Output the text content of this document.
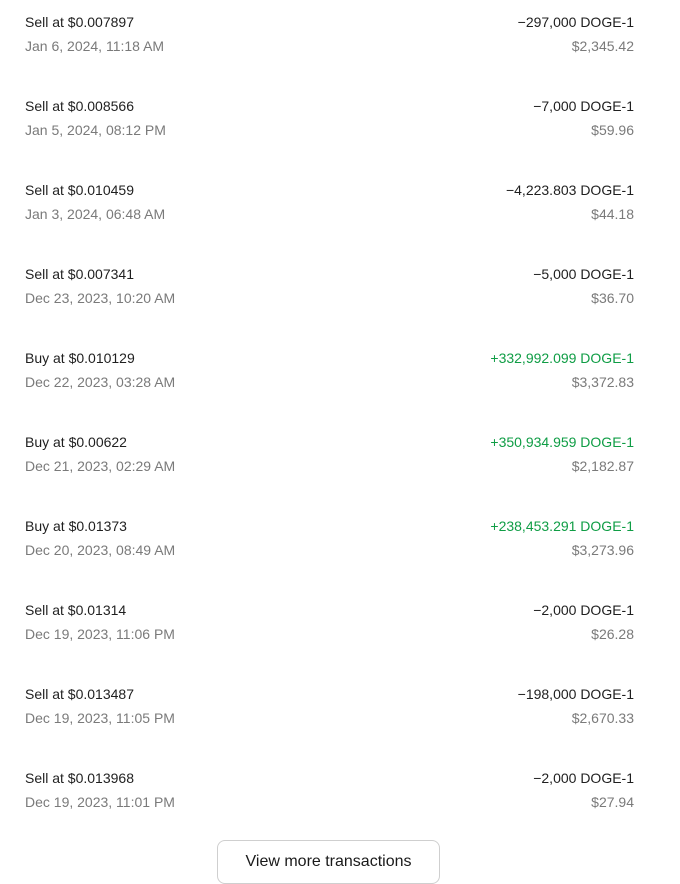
Sell at $0.007897
Jan 6, 2024, 11:18 AM
−297,000 DOGE-1
$2,345.42
Sell at $0.008566
Jan 5, 2024, 08:12 PM
−7,000 DOGE-1
$59.96
Sell at $0.010459
Jan 3, 2024, 06:48 AM
−4,223.803 DOGE-1
$44.18
Sell at $0.007341
Dec 23, 2023, 10:20 AM
−5,000 DOGE-1
$36.70
Buy at $0.010129
Dec 22, 2023, 03:28 AM
+332,992.099 DOGE-1
$3,372.83
Buy at $0.00622
Dec 21, 2023, 02:29 AM
+350,934.959 DOGE-1
$2,182.87
Buy at $0.01373
Dec 20, 2023, 08:49 AM
+238,453.291 DOGE-1
$3,273.96
Sell at $0.01314
Dec 19, 2023, 11:06 PM
−2,000 DOGE-1
$26.28
Sell at $0.013487
Dec 19, 2023, 11:05 PM
−198,000 DOGE-1
$2,670.33
Sell at $0.013968
Dec 19, 2023, 11:01 PM
−2,000 DOGE-1
$27.94
View more transactions
